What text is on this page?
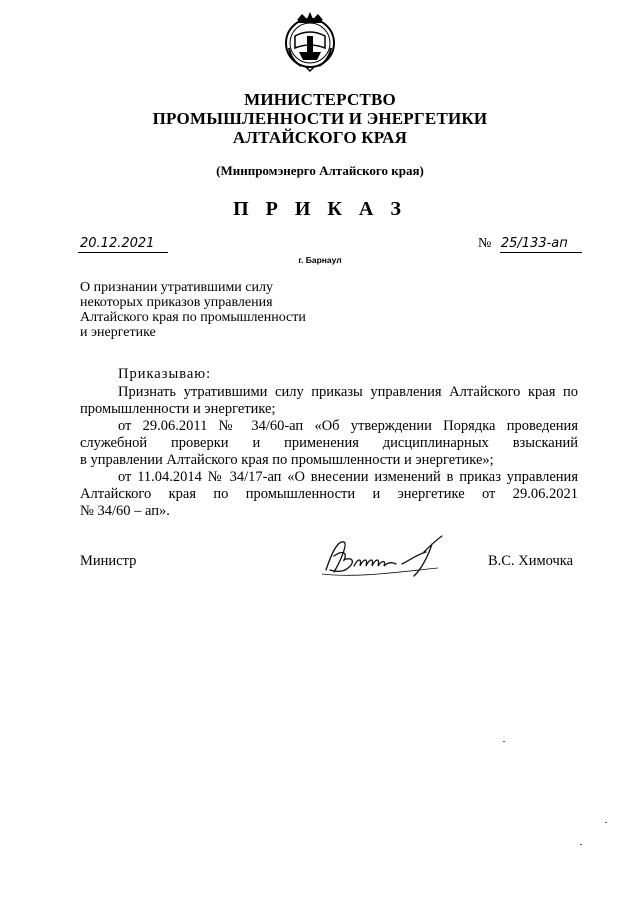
МИНИСТЕРСТВО
ПРОМЫШЛЕННОСТИ И ЭНЕРГЕТИКИ
АЛТАЙСКОГО КРАЯ
(Минпромэнерго Алтайского края)
П Р И К А З
20.12.2021
г. Барнаул
№ 25/133-ап
О признании утратившими силу
некоторых приказов управления
Алтайского края по промышленности
и энергетике
Приказываю:
Признать утратившими силу приказы управления Алтайского края по
промышленности и энергетике;
от 29.06.2011 № 34/60-ап «Об утверждении Порядка проведения
служебной проверки и применения дисциплинарных взысканий
в управлении Алтайского края по промышленности и энергетике»;
от 11.04.2014 № 34/17-ап «О внесении изменений в приказ управления
Алтайского края по промышленности и энергетике от 29.06.2021
№ 34/60 – ап».
Министр	В.С. Химочка
